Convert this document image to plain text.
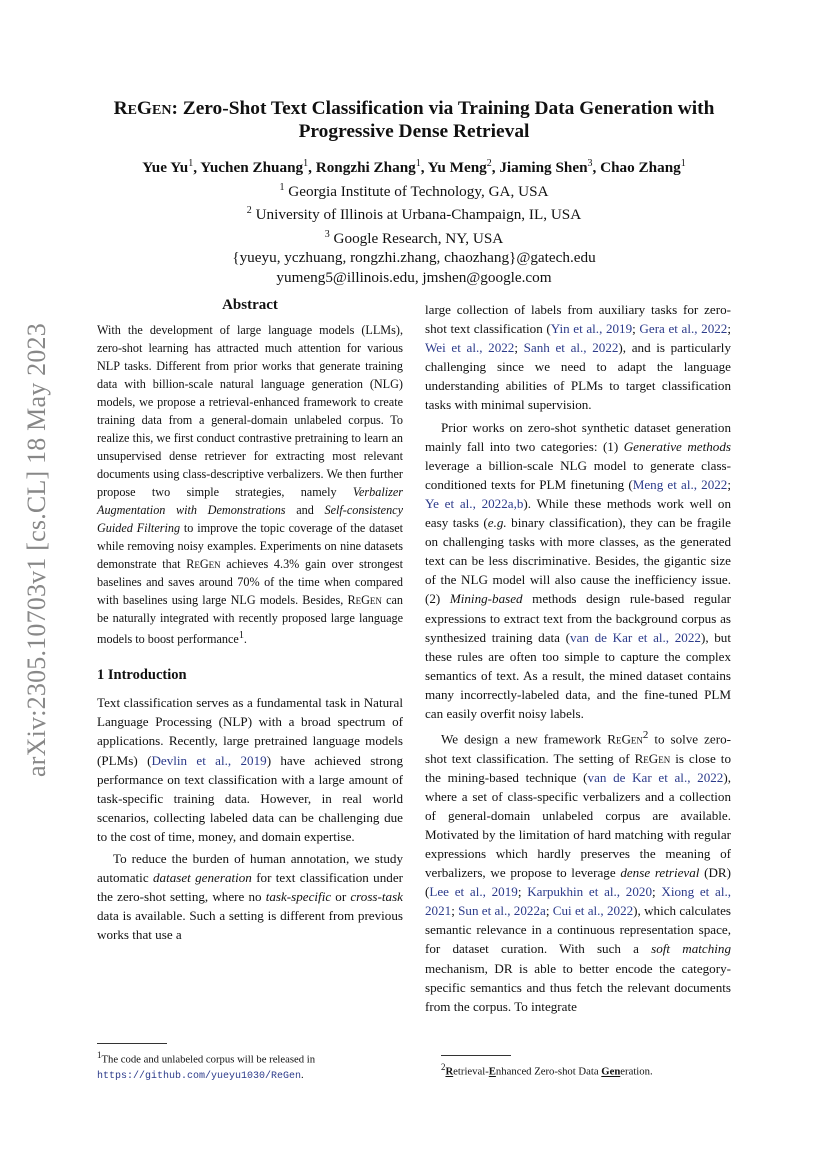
arXiv:2305.10703v1 [cs.CL] 18 May 2023
ReGen: Zero-Shot Text Classification via Training Data Generation with
Progressive Dense Retrieval
Yue Yu$^1$, Yuchen Zhuang$^1$, Rongzhi Zhang$^1$, Yu Meng$^2$, Jiaming Shen$^3$, Chao Zhang$^1$
$^1$ Georgia Institute of Technology, GA, USA
$^2$ University of Illinois at Urbana-Champaign, IL, USA
$^3$ Google Research, NY, USA
{yueyu, yczhuang, rongzhi.zhang, chaozhang}@gatech.edu
yumeng5@illinois.edu, jmshen@google.com
Abstract

With the development of large language models (LLMs), zero-shot learning has attracted much attention for various NLP tasks. Different from prior works that generate training data with billion-scale natural language generation (NLG) models, we propose a retrieval-enhanced framework to create training data from a general-domain unlabeled corpus. To realize this, we first conduct contrastive pretraining to learn an unsupervised dense retriever for extracting most relevant documents using class-descriptive verbalizers. We then further propose two simple strategies, namely Verbalizer Augmentation with Demonstrations and Self-consistency Guided Filtering to improve the topic coverage of the dataset while removing noisy examples. Experiments on nine datasets demonstrate that ReGen achieves 4.3% gain over strongest baselines and saves around 70% of the time when compared with baselines using large NLG models. Besides, ReGen can be naturally integrated with recently proposed large language models to boost performance$^1$.

1 Introduction

Text classification serves as a fundamental task in Natural Language Processing (NLP) with a broad spectrum of applications. Recently, large pretrained language models (PLMs) (Devlin et al., 2019) have achieved strong performance on text classification with a large amount of task-specific training data. However, in real world scenarios, collecting labeled data can be challenging due to the cost of time, money, and domain expertise.

To reduce the burden of human annotation, we study automatic dataset generation for text classification under the zero-shot setting, where no task-specific or cross-task data is available. Such a setting is different from previous works that use a

large collection of labels from auxiliary tasks for zero-shot text classification (Yin et al., 2019; Gera et al., 2022; Wei et al., 2022; Sanh et al., 2022), and is particularly challenging since we need to adapt the language understanding abilities of PLMs to target classification tasks with minimal supervision.

Prior works on zero-shot synthetic dataset generation mainly fall into two categories: (1) Generative methods leverage a billion-scale NLG model to generate class-conditioned texts for PLM finetuning (Meng et al., 2022; Ye et al., 2022a,b). While these methods work well on easy tasks (e.g. binary classification), they can be fragile on challenging tasks with more classes, as the generated text can be less discriminative. Besides, the gigantic size of the NLG model will also cause the inefficiency issue. (2) Mining-based methods design rule-based regular expressions to extract text from the background corpus as synthesized training data (van de Kar et al., 2022), but these rules are often too simple to capture the complex semantics of text. As a result, the mined dataset contains many incorrectly-labeled data, and the fine-tuned PLM can easily overfit noisy labels.

We design a new framework ReGen$^2$ to solve zero-shot text classification. The setting of ReGen is close to the mining-based technique (van de Kar et al., 2022), where a set of class-specific verbalizers and a collection of general-domain unlabeled corpus are available. Motivated by the limitation of hard matching with regular expressions which hardly preserves the meaning of verbalizers, we propose to leverage dense retrieval (DR) (Lee et al., 2019; Karpukhin et al., 2020; Xiong et al., 2021; Sun et al., 2022a; Cui et al., 2022), which calculates semantic relevance in a continuous representation space, for dataset curation. With such a soft matching mechanism, DR is able to better encode the category-specific semantics and thus fetch the relevant documents from the corpus. To integrate

$^1$The code and unlabeled corpus will be released in https://github.com/yueyu1030/ReGen.
$^2$Retrieval-Enhanced Zero-shot Data Generation.
